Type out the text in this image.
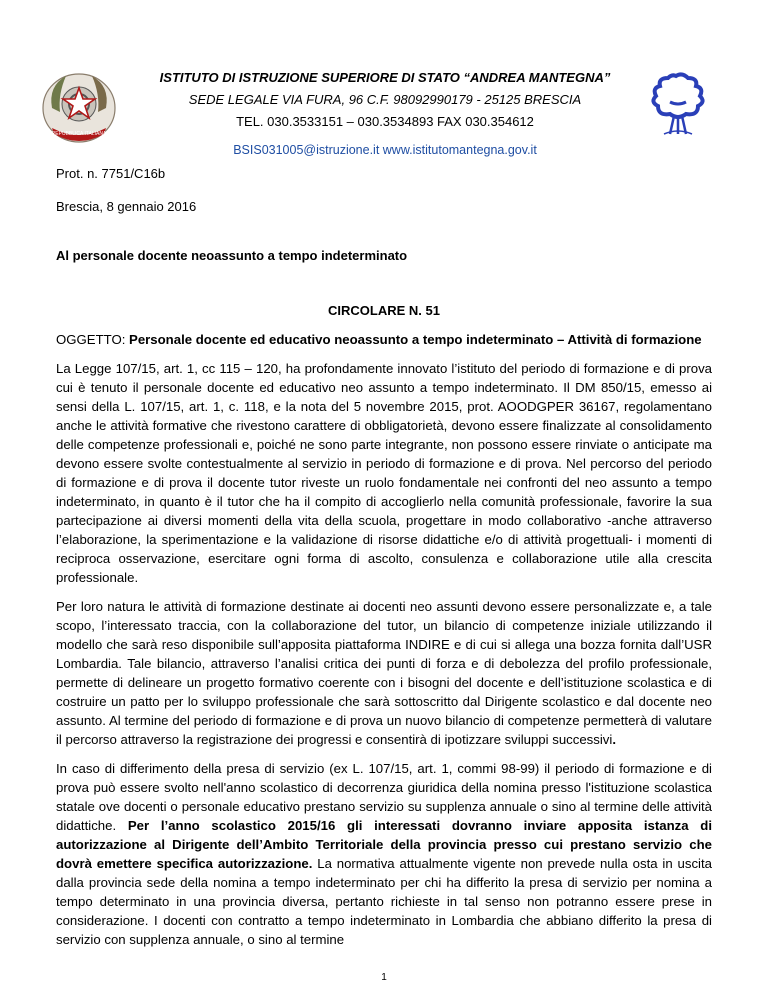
REPUBBLICA ITALIANA
ISTITUTO DI ISTRUZIONE SUPERIORE DI STATO “ANDREA MANTEGNA”
SEDE LEGALE VIA FURA, 96 C.F. 98092990179 - 25125 BRESCIA
TEL. 030.3533151 – 030.3534893 FAX 030.354612
BSIS031005@istruzione.it www.istitutomantegna.gov.it
Prot. n. 7751/C16b
Brescia, 8 gennaio 2016
Al personale docente neoassunto a tempo indeterminato
CIRCOLARE N. 51

OGGETTO: Personale docente ed educativo neoassunto a tempo indeterminato – Attività di formazione

La Legge 107/15, art. 1, cc 115 – 120, ha profondamente innovato l’istituto del periodo di formazione e di prova cui è tenuto il personale docente ed educativo neo assunto a tempo indeterminato. Il DM 850/15, emesso ai sensi della L. 107/15, art. 1, c. 118, e la nota del 5 novembre 2015, prot. AOODGPER 36167, regolamentano anche le attività formative che rivestono carattere di obbligatorietà, devono essere finalizzate al consolidamento delle competenze professionali e, poiché ne sono parte integrante, non possono essere rinviate o anticipate ma devono essere svolte contestualmente al servizio in periodo di formazione e di prova. Nel percorso del periodo di formazione e di prova il docente tutor riveste un ruolo fondamentale nei confronti del neo assunto a tempo indeterminato, in quanto è il tutor che ha il compito di accoglierlo nella comunità professionale, favorire la sua partecipazione ai diversi momenti della vita della scuola, progettare in modo collaborativo -anche attraverso l’elaborazione, la sperimentazione e la validazione di risorse didattiche e/o di attività progettuali- i momenti di reciproca osservazione, esercitare ogni forma di ascolto, consulenza e collaborazione utile alla crescita professionale.

Per loro natura le attività di formazione destinate ai docenti neo assunti devono essere personalizzate e, a tale scopo, l’interessato traccia, con la collaborazione del tutor, un bilancio di competenze iniziale utilizzando il modello che sarà reso disponibile sull’apposita piattaforma INDIRE e di cui si allega una bozza fornita dall’USR Lombardia. Tale bilancio, attraverso l’analisi critica dei punti di forza e di debolezza del profilo professionale, permette di delineare un progetto formativo coerente con i bisogni del docente e dell’istituzione scolastica e di costruire un patto per lo sviluppo professionale che sarà sottoscritto dal Dirigente scolastico e dal docente neo assunto. Al termine del periodo di formazione e di prova un nuovo bilancio di competenze permetterà di valutare il percorso attraverso la registrazione dei progressi e consentirà di ipotizzare sviluppi successivi.

In caso di differimento della presa di servizio (ex L. 107/15, art. 1, commi 98-99) il periodo di formazione e di prova può essere svolto nell'anno scolastico di decorrenza giuridica della nomina presso l'istituzione scolastica statale ove docenti o personale educativo prestano servizio su supplenza annuale o sino al termine delle attività didattiche. Per l’anno scolastico 2015/16 gli interessati dovranno inviare apposita istanza di autorizzazione al Dirigente dell’Ambito Territoriale della provincia presso cui prestano servizio che dovrà emettere specifica autorizzazione. La normativa attualmente vigente non prevede nulla osta in uscita dalla provincia sede della nomina a tempo indeterminato per chi ha differito la presa di servizio per nomina a tempo determinato in una provincia diversa, pertanto richieste in tal senso non potranno essere prese in considerazione. I docenti con contratto a tempo indeterminato in Lombardia che abbiano differito la presa di servizio con supplenza annuale, o sino al termine

1
